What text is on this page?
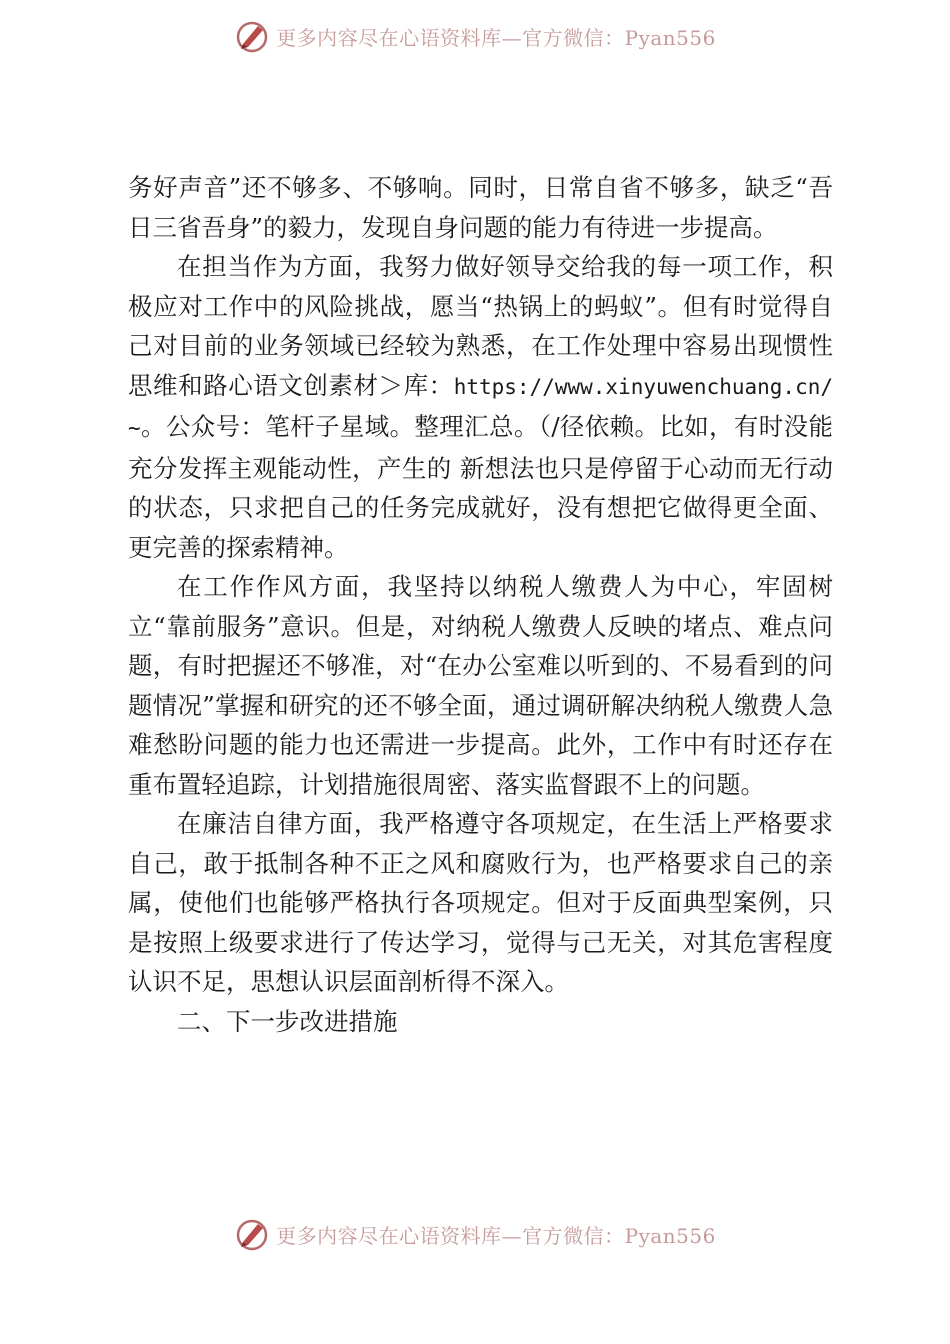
更多内容尽在心语资料库—官方微信：Pyan556

务好声音”还不够多、不够响。同时，日常自省不够多，缺乏“吾日三省吾身”的毅力，发现自身问题的能力有待进一步提高。

在担当作为方面，我努力做好领导交给我的每一项工作，积极应对工作中的风险挑战，愿当“热锅上的蚂蚁”。但有时觉得自己对目前的业务领域已经较为熟悉，在工作处理中容易出现惯性思维和路心语文创素材＞库：https://www.xinyuwenchuang.cn/~。公众号：笔杆子星域。整理汇总。（/径依赖。比如，有时没能充分发挥主观能动性，产生的 新想法也只是停留于心动而无行动的状态，只求把自己的任务完成就好，没有想把它做得更全面、更完善的探索精神。

在工作作风方面，我坚持以纳税人缴费人为中心，牢固树立“靠前服务”意识。但是，对纳税人缴费人反映的堵点、难点问题，有时把握还不够准，对“在办公室难以听到的、不易看到的问题情况”掌握和研究的还不够全面，通过调研解决纳税人缴费人急难愁盼问题的能力也还需进一步提高。此外，工作中有时还存在重布置轻追踪，计划措施很周密、落实监督跟不上的问题。

在廉洁自律方面，我严格遵守各项规定，在生活上严格要求自己，敢于抵制各种不正之风和腐败行为，也严格要求自己的亲属，使他们也能够严格执行各项规定。但对于反面典型案例，只是按照上级要求进行了传达学习，觉得与己无关，对其危害程度认识不足，思想认识层面剖析得不深入。

二、下一步改进措施

更多内容尽在心语资料库—官方微信：Pyan556
